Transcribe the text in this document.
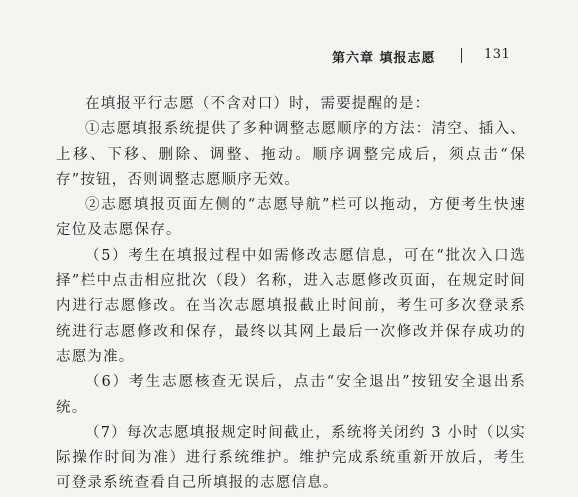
第六章 填报志愿	131

在填报平行志愿（不含对口）时，需要提醒的是：

①志愿填报系统提供了多种调整志愿顺序的方法：清空、插入、上移、下移、删除、调整、拖动。顺序调整完成后，须点击“保存”按钮，否则调整志愿顺序无效。

②志愿填报页面左侧的“志愿导航”栏可以拖动，方便考生快速定位及志愿保存。

（5）考生在填报过程中如需修改志愿信息，可在“批次入口选择”栏中点击相应批次（段）名称，进入志愿修改页面，在规定时间内进行志愿修改。在当次志愿填报截止时间前，考生可多次登录系统进行志愿修改和保存，最终以其网上最后一次修改并保存成功的志愿为准。

（6）考生志愿核查无误后，点击“安全退出”按钮安全退出系统。

（7）每次志愿填报规定时间截止，系统将关闭约 3 小时（以实际操作时间为准）进行系统维护。维护完成系统重新开放后，考生可登录系统查看自己所填报的志愿信息。
